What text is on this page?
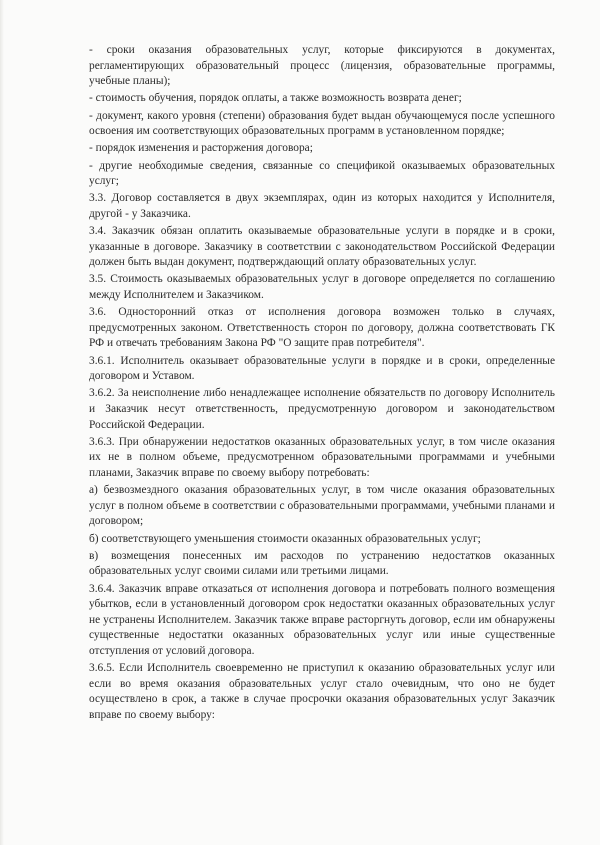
- сроки оказания образовательных услуг, которые фиксируются в документах, регламентирующих образовательный процесс (лицензия, образовательные программы, учебные планы);

- стоимость обучения, порядок оплаты, а также возможность возврата денег;

- документ, какого уровня (степени) образования будет выдан обучающемуся после успешного освоения им соответствующих образовательных программ в установленном порядке;

- порядок изменения и расторжения договора;

- другие необходимые сведения, связанные со спецификой оказываемых образовательных услуг;

3.3. Договор составляется в двух экземплярах, один из которых находится у Исполнителя, другой - у Заказчика.

3.4. Заказчик обязан оплатить оказываемые образовательные услуги в порядке и в сроки, указанные в договоре. Заказчику в соответствии с законодательством Российской Федерации должен быть выдан документ, подтверждающий оплату образовательных услуг.

3.5. Стоимость оказываемых образовательных услуг в договоре определяется по соглашению между Исполнителем и Заказчиком.

3.6. Односторонний отказ от исполнения договора возможен только в случаях, предусмотренных законом. Ответственность сторон по договору, должна соответствовать ГК РФ и отвечать требованиям Закона РФ "О защите прав потребителя".

3.6.1. Исполнитель оказывает образовательные услуги в порядке и в сроки, определенные договором и Уставом.

3.6.2. За неисполнение либо ненадлежащее исполнение обязательств по договору Исполнитель и Заказчик несут ответственность, предусмотренную договором и законодательством Российской Федерации.

3.6.3. При обнаружении недостатков оказанных образовательных услуг, в том числе оказания их не в полном объеме, предусмотренном образовательными программами и учебными планами, Заказчик вправе по своему выбору потребовать:

а) безвозмездного оказания образовательных услуг, в том числе оказания образовательных услуг в полном объеме в соответствии с образовательными программами, учебными планами и договором;

б) соответствующего уменьшения стоимости оказанных образовательных услуг;

в) возмещения понесенных им расходов по устранению недостатков оказанных образовательных услуг своими силами или третьими лицами.

3.6.4. Заказчик вправе отказаться от исполнения договора и потребовать полного возмещения убытков, если в установленный договором срок недостатки оказанных образовательных услуг не устранены Исполнителем. Заказчик также вправе расторгнуть договор, если им обнаружены существенные недостатки оказанных образовательных услуг или иные существенные отступления от условий договора.

3.6.5. Если Исполнитель своевременно не приступил к оказанию образовательных услуг или если во время оказания образовательных услуг стало очевидным, что оно не будет осуществлено в срок, а также в случае просрочки оказания образовательных услуг Заказчик вправе по своему выбору:
